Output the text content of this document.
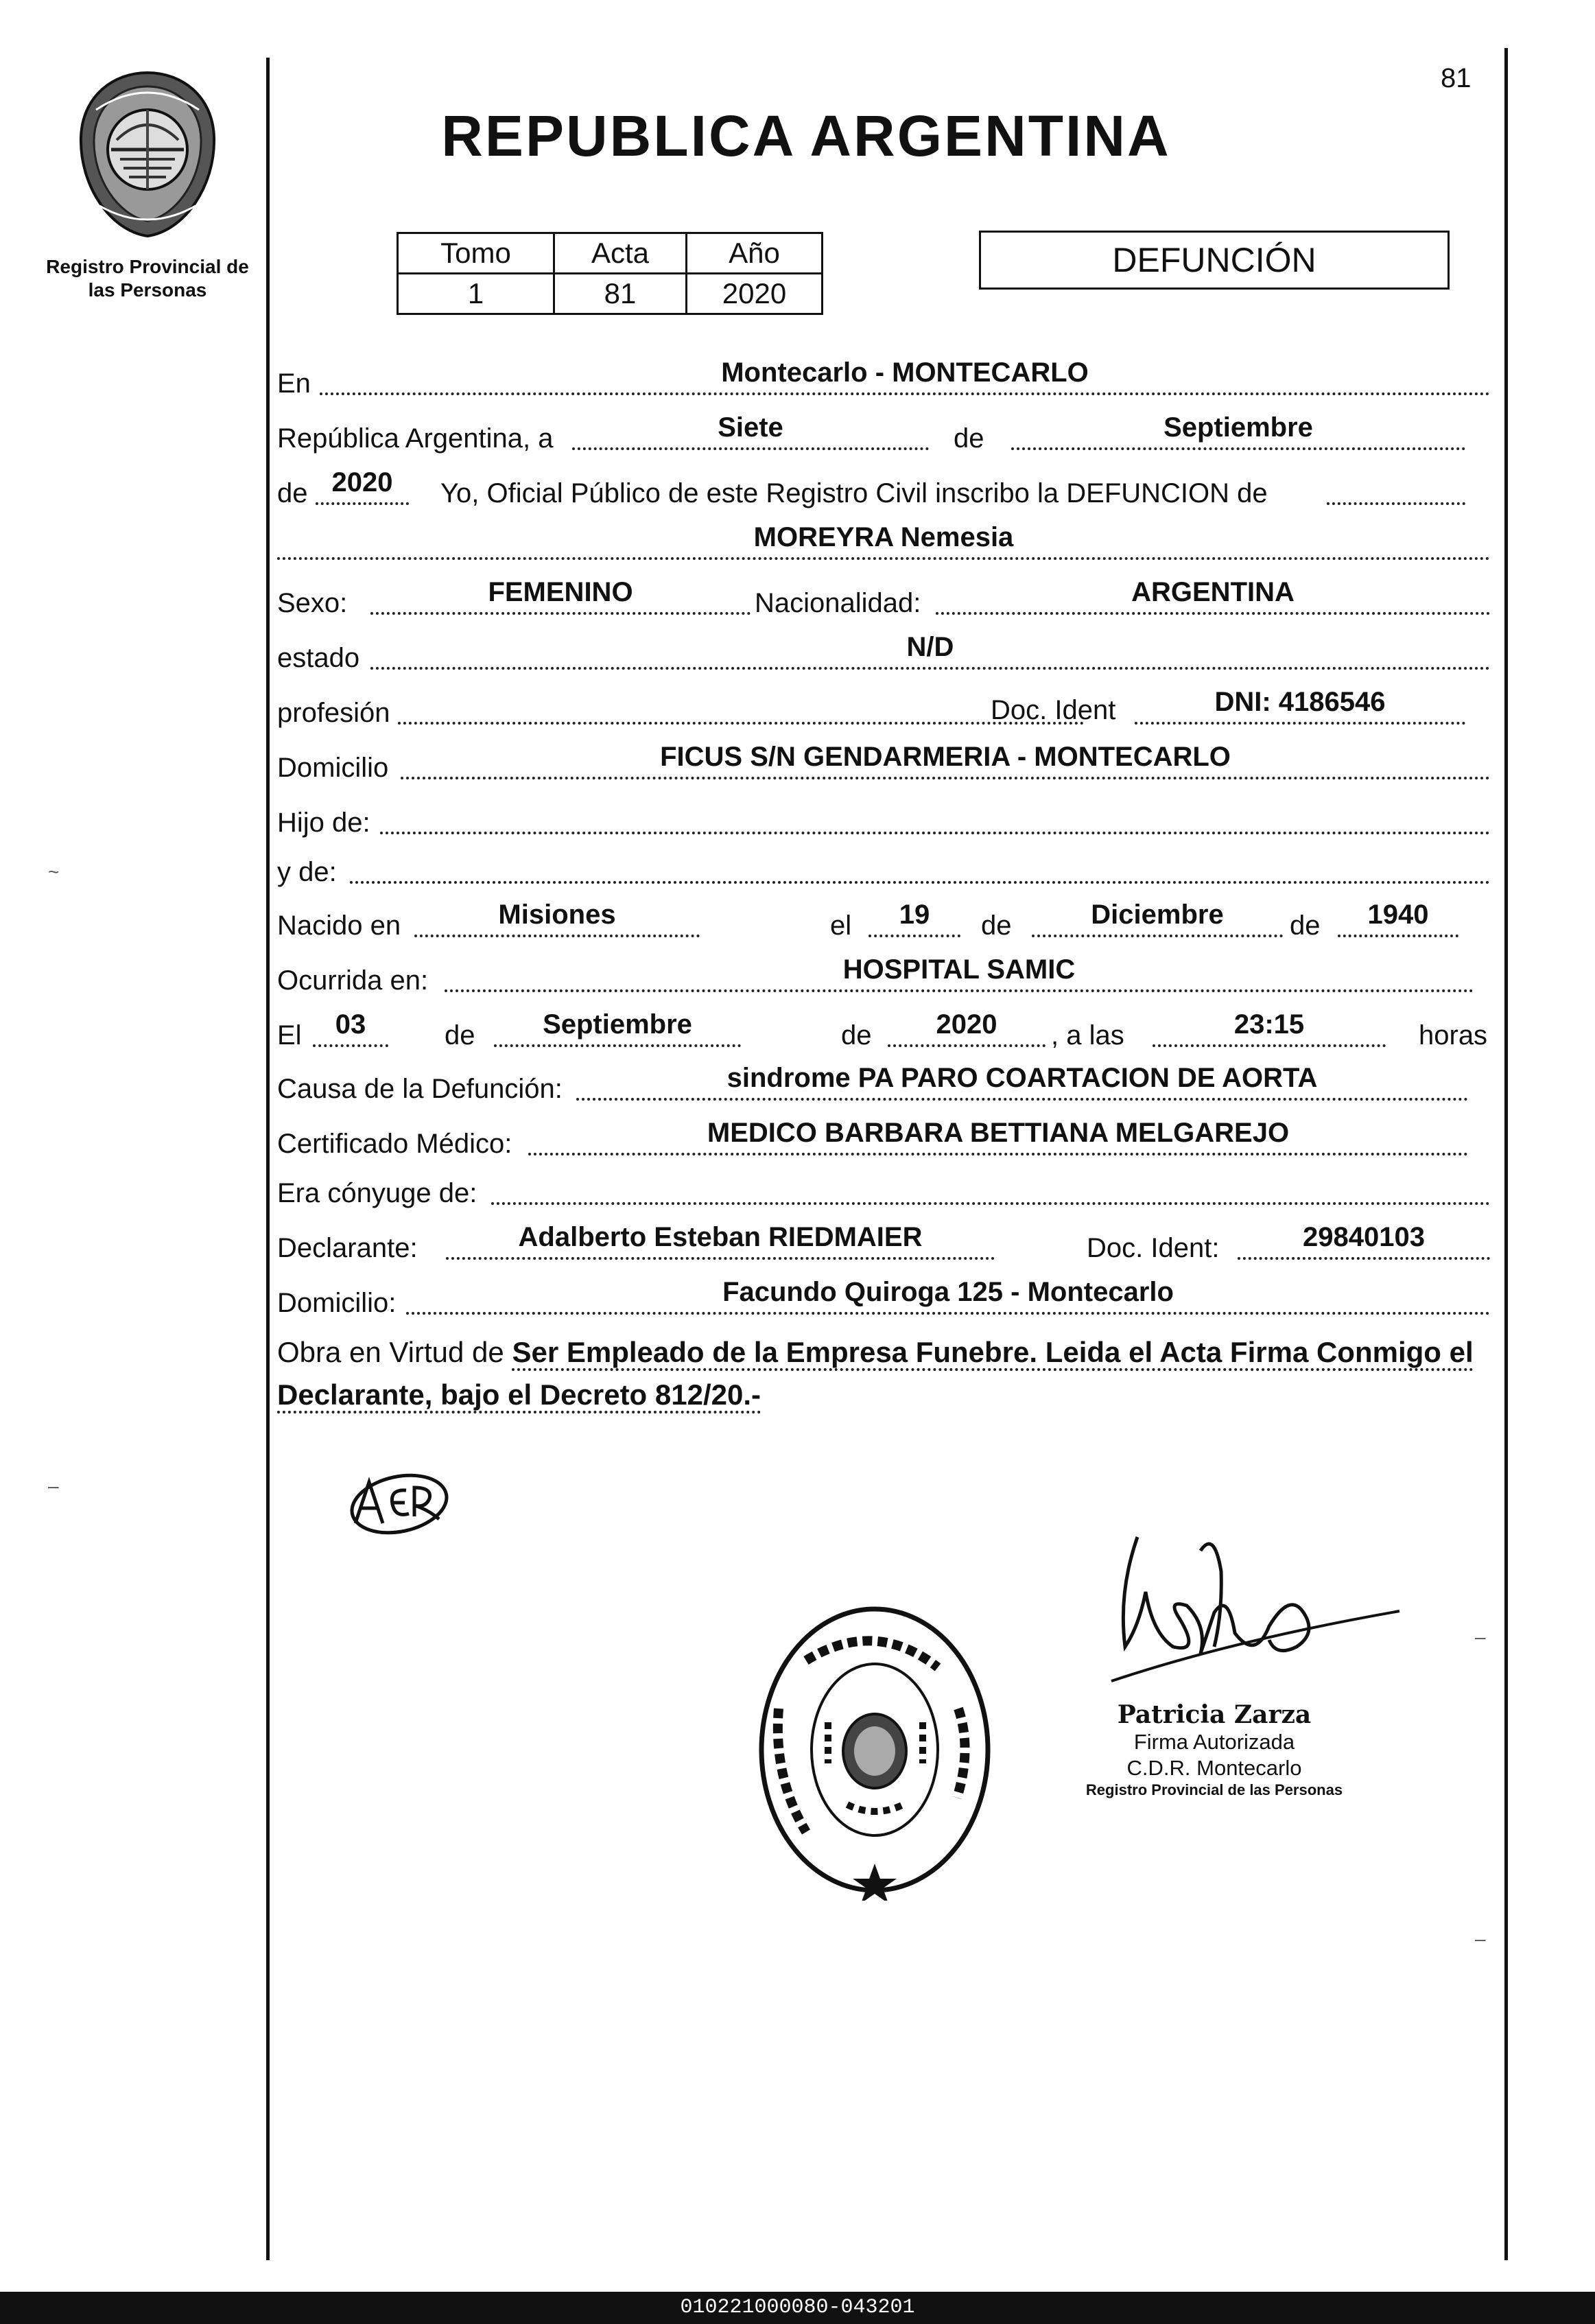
Registro Provincial de
las Personas
81
REPUBLICA ARGENTINA
Tomo	Acta	Año
1	81	2020
DEFUNCIÓN
En	Montecarlo - MONTECARLO
República Argentina, a	Siete	de	Septiembre
de 2020	Yo, Oficial Público de este Registro Civil inscribo la DEFUNCION de
MOREYRA Nemesia
Sexo:	FEMENINO	Nacionalidad:	ARGENTINA
estado	N/D
profesión	Doc. Ident	DNI: 4186546
Domicilio	FICUS S/N GENDARMERIA - MONTECARLO
Hijo de:
y de:
Nacido en	Misiones	el	19	de	Diciembre	de	1940
Ocurrida en:	HOSPITAL SAMIC
El	03	de	Septiembre	de	2020	, a las	23:15	horas
Causa de la Defunción:	sindrome PA PARO COARTACION DE AORTA
Certificado Médico:	MEDICO BARBARA BETTIANA MELGAREJO
Era cónyuge de:
Declarante:	Adalberto Esteban RIEDMAIER	Doc. Ident:	29840103
Domicilio:	Facundo Quiroga 125 - Montecarlo
Obra en Virtud de Ser Empleado de la Empresa Funebre. Leida el Acta Firma Conmigo el Declarante, bajo el Decreto 812/20.-
Patricia Zarza
Firma Autorizada
C.D.R. Montecarlo
Registro Provincial de las Personas
~
–
–
–
010221000080-043201
